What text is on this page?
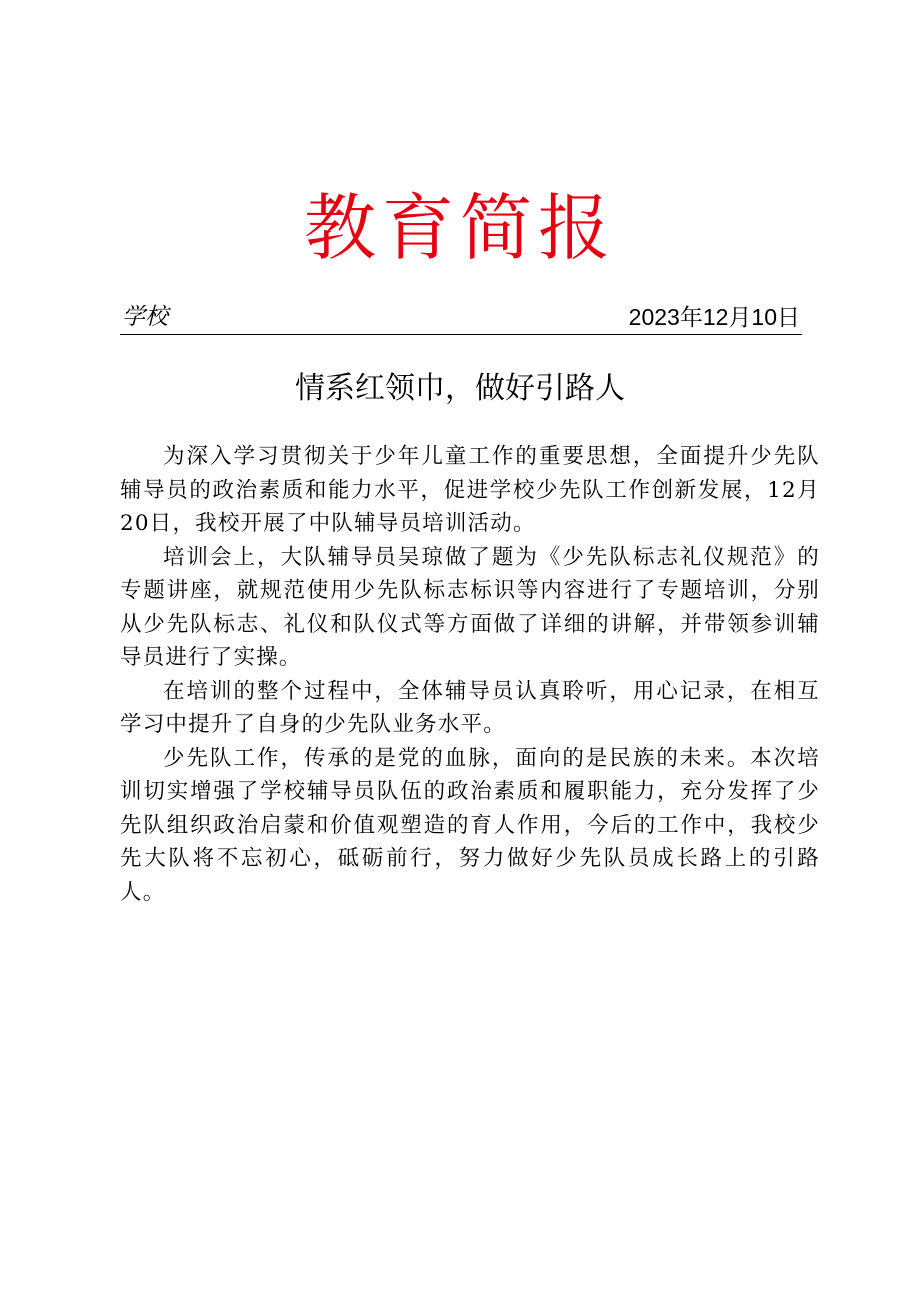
教育简报
学校	2023年12月10日
情系红领巾，做好引路人

为深入学习贯彻关于少年儿童工作的重要思想，全面提升少先队辅导员的政治素质和能力水平，促进学校少先队工作创新发展，12月20日，我校开展了中队辅导员培训活动。

培训会上，大队辅导员吴琼做了题为《少先队标志礼仪规范》的专题讲座，就规范使用少先队标志标识等内容进行了专题培训，分别从少先队标志、礼仪和队仪式等方面做了详细的讲解，并带领参训辅导员进行了实操。

在培训的整个过程中，全体辅导员认真聆听，用心记录，在相互学习中提升了自身的少先队业务水平。

少先队工作，传承的是党的血脉，面向的是民族的未来。本次培训切实增强了学校辅导员队伍的政治素质和履职能力，充分发挥了少先队组织政治启蒙和价值观塑造的育人作用，今后的工作中，我校少先大队将不忘初心，砥砺前行，努力做好少先队员成长路上的引路人。
